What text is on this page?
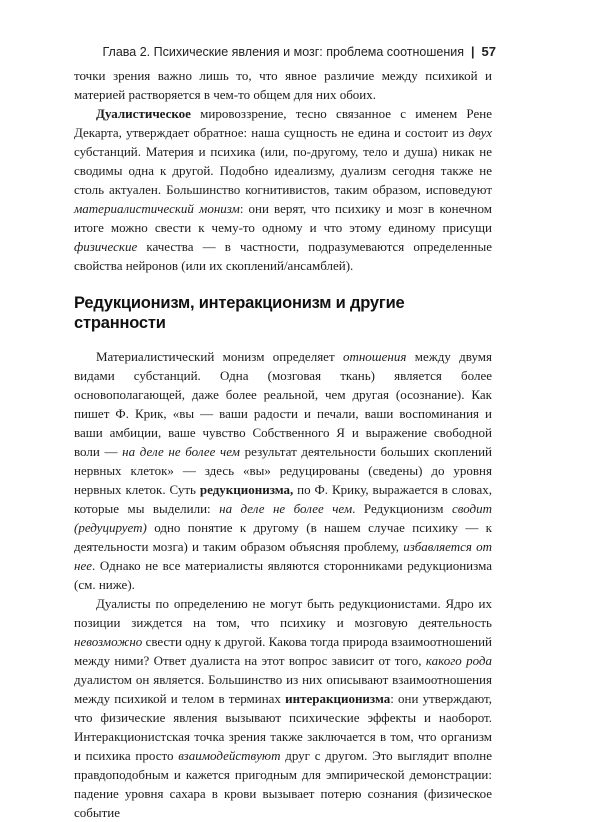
Глава 2. Психические явления и мозг: проблема соотношения | 57

точки зрения важно лишь то, что явное различие между психикой и материей растворяется в чем-то общем для них обоих.

Дуалистическое мировоззрение, тесно связанное с именем Рене Декарта, утверждает обратное: наша сущность не едина и состоит из двух субстанций. Материя и психика (или, по-другому, тело и душа) никак не сводимы одна к другой. Подобно идеализму, дуализм сегодня также не столь актуален. Большинство когнитивистов, таким образом, исповедуют материалистический монизм: они верят, что психику и мозг в конечном итоге можно свести к чему-то одному и что этому единому присущи физические качества — в частности, подразумеваются определенные свойства нейронов (или их скоплений/ансамблей).

Редукционизм, интеракционизм и другие странности

Материалистический монизм определяет отношения между двумя видами субстанций. Одна (мозговая ткань) является более основополагающей, даже более реальной, чем другая (осознание). Как пишет Ф. Крик, «вы — ваши радости и печали, ваши воспоминания и ваши амбиции, ваше чувство Собственного Я и выражение свободной воли — на деле не более чем результат деятельности больших скоплений нервных клеток» — здесь «вы» редуцированы (сведены) до уровня нервных клеток. Суть редукционизма, по Ф. Крику, выражается в словах, которые мы выделили: на деле не более чем. Редукционизм сводит (редуцирует) одно понятие к другому (в нашем случае психику — к деятельности мозга) и таким образом объясняя проблему, избавляется от нее. Однако не все материалисты являются сторонниками редукционизма (см. ниже).

Дуалисты по определению не могут быть редукционистами. Ядро их позиции зиждется на том, что психику и мозговую деятельность невозможно свести одну к другой. Какова тогда природа взаимоотношений между ними? Ответ дуалиста на этот вопрос зависит от того, какого рода дуалистом он является. Большинство из них описывают взаимоотношения между психикой и телом в терминах интеракционизма: они утверждают, что физические явления вызывают психические эффекты и наоборот. Интеракционистская точка зрения также заключается в том, что организм и психика просто взаимодействуют друг с другом. Это выглядит вполне правдоподобным и кажется пригодным для эмпирической демонстрации: падение уровня сахара в крови вызывает потерю сознания (физическое событие
